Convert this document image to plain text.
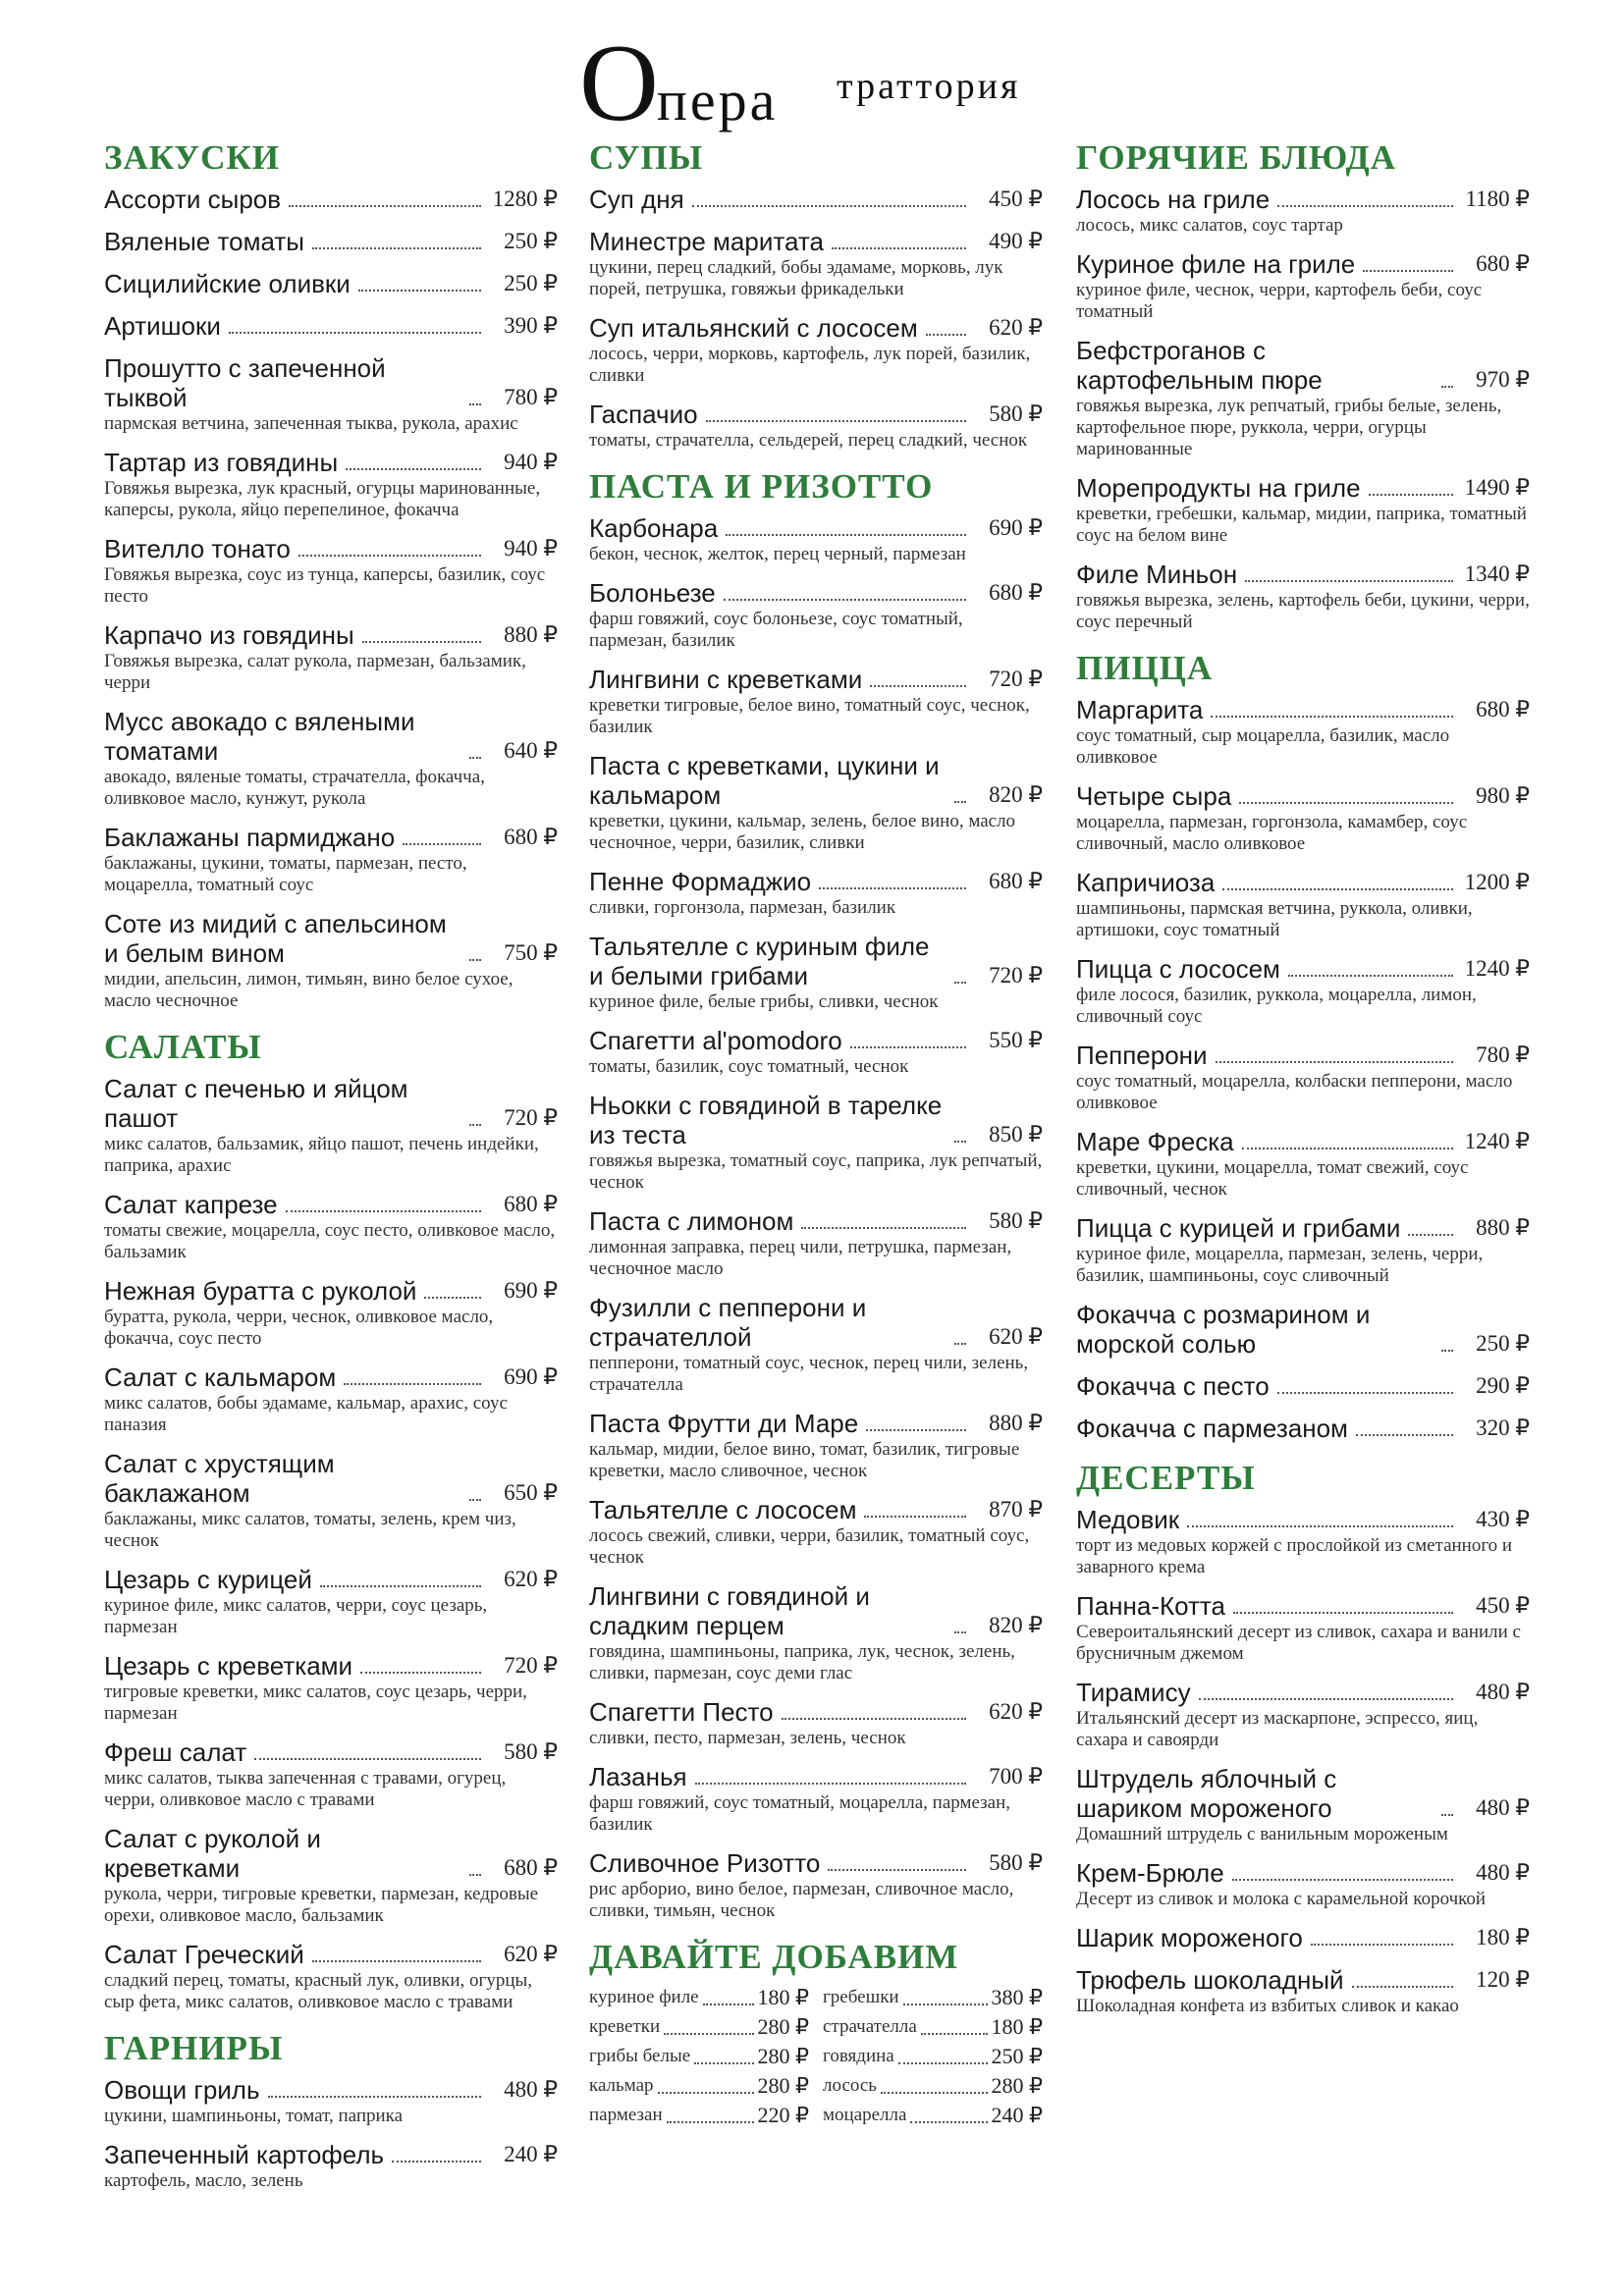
Опера траттория
ЗАКУСКИ
Ассорти сыров	1280 ₽
Вяленые томаты	250 ₽
Сицилийские оливки	250 ₽
Артишоки	390 ₽
Прошутто с запеченной тыквой	780 ₽
пармская ветчина, запеченная тыква, рукола, арахис
Тартар из говядины	940 ₽
Говяжья вырезка, лук красный, огурцы маринованные, каперсы, рукола, яйцо перепелиное, фокачча
Вителло тонато	940 ₽
Говяжья вырезка, соус из тунца, каперсы, базилик, соус песто
Карпачо из говядины	880 ₽
Говяжья вырезка, салат рукола, пармезан, бальзамик, черри
Мусс авокадо с вялеными томатами	640 ₽
авокадо, вяленые томаты, страчателла, фокачча, оливковое масло, кунжут, рукола
Баклажаны пармиджано	680 ₽
баклажаны, цукини, томаты, пармезан, песто, моцарелла, томатный соус
Соте из мидий с апельсином и белым вином	750 ₽
мидии, апельсин, лимон, тимьян, вино белое сухое, масло чесночное
САЛАТЫ
Салат с печенью и яйцом пашот	720 ₽
микс салатов, бальзамик, яйцо пашот, печень индейки, паприка, арахис
Салат капрезе	680 ₽
томаты свежие, моцарелла, соус песто, оливковое масло, бальзамик
Нежная буратта с руколой	690 ₽
буратта, рукола, черри, чеснок, оливковое масло, фокачча, соус песто
Салат с кальмаром	690 ₽
микс салатов, бобы эдамаме, кальмар, арахис, соус паназия
Салат с хрустящим баклажаном	650 ₽
баклажаны, микс салатов, томаты, зелень, крем чиз, чеснок
Цезарь с курицей	620 ₽
куриное филе, микс салатов, черри, соус цезарь, пармезан
Цезарь с креветками	720 ₽
тигровые креветки, микс салатов, соус цезарь, черри, пармезан
Фреш салат	580 ₽
микс салатов, тыква запеченная с травами, огурец, черри, оливковое масло с травами
Салат с руколой и креветками	680 ₽
рукола, черри, тигровые креветки, пармезан, кедровые орехи, оливковое масло, бальзамик
Салат Греческий	620 ₽
сладкий перец, томаты, красный лук, оливки, огурцы, сыр фета, микс салатов, оливковое масло с травами
ГАРНИРЫ
Овощи гриль	480 ₽
цукини, шампиньоны, томат, паприка
Запеченный картофель	240 ₽
картофель, масло, зелень
СУПЫ
Суп дня	450 ₽
Минестре маритата	490 ₽
цукини, перец сладкий, бобы эдамаме, морковь, лук порей, петрушка, говяжьи фрикадельки
Суп итальянский с лососем	620 ₽
лосось, черри, морковь, картофель, лук порей, базилик, сливки
Гаспачио	580 ₽
томаты, страчателла, сельдерей, перец сладкий, чеснок
ПАСТА И РИЗОТТО
Карбонара	690 ₽
бекон, чеснок, желток, перец черный, пармезан
Болоньезе	680 ₽
фарш говяжий, соус болоньезе, соус томатный, пармезан, базилик
Лингвини с креветками	720 ₽
креветки тигровые, белое вино, томатный соус, чеснок, базилик
Паста с креветками, цукини и кальмаром	820 ₽
креветки, цукини, кальмар, зелень, белое вино, масло чесночное, черри, базилик, сливки
Пенне Формаджио	680 ₽
сливки, горгонзола, пармезан, базилик
Тальятелле с куриным филе и белыми грибами	720 ₽
куриное филе, белые грибы, сливки, чеснок
Спагетти al'pomodoro	550 ₽
томаты, базилик, соус томатный, чеснок
Ньокки с говядиной в тарелке из теста	850 ₽
говяжья вырезка, томатный соус, паприка, лук репчатый, чеснок
Паста с лимоном	580 ₽
лимонная заправка, перец чили, петрушка, пармезан, чесночное масло
Фузилли с пепперони и страчателлой	620 ₽
пепперони, томатный соус, чеснок, перец чили, зелень, страчателла
Паста Фрутти ди Маре	880 ₽
кальмар, мидии, белое вино, томат, базилик, тигровые креветки, масло сливочное, чеснок
Тальятелле с лососем	870 ₽
лосось свежий, сливки, черри, базилик, томатный соус, чеснок
Лингвини с говядиной и сладким перцем	820 ₽
говядина, шампиньоны, паприка, лук, чеснок, зелень, сливки, пармезан, соус деми глас
Спагетти Песто	620 ₽
сливки, песто, пармезан, зелень, чеснок
Лазанья	700 ₽
фарш говяжий, соус томатный, моцарелла, пармезан, базилик
Сливочное Ризотто	580 ₽
рис арборио, вино белое, пармезан, сливочное масло, сливки, тимьян, чеснок
ДАВАЙТЕ ДОБАВИМ
куриное филе	180 ₽ гребешки	380 ₽
креветки	280 ₽ страчателла	180 ₽
грибы белые	280 ₽ говядина	250 ₽
кальмар	280 ₽ лосось	280 ₽
пармезан	220 ₽ моцарелла	240 ₽
ГОРЯЧИЕ БЛЮДА
Лосось на гриле	1180 ₽
лосось, микс салатов, соус тартар
Куриное филе на гриле	680 ₽
куриное филе, чеснок, черри, картофель беби, соус томатный
Бефстроганов с картофельным пюре	970 ₽
говяжья вырезка, лук репчатый, грибы белые, зелень, картофельное пюре, руккола, черри, огурцы маринованные
Морепродукты на гриле	1490 ₽
креветки, гребешки, кальмар, мидии, паприка, томатный соус на белом вине
Филе Миньон	1340 ₽
говяжья вырезка, зелень, картофель беби, цукини, черри, соус перечный
ПИЦЦА
Маргарита	680 ₽
соус томатный, сыр моцарелла, базилик, масло оливковое
Четыре сыра	980 ₽
моцарелла, пармезан, горгонзола, камамбер, соус сливочный, масло оливковое
Капричиоза	1200 ₽
шампиньоны, пармская ветчина, руккола, оливки, артишоки, соус томатный
Пицца с лососем	1240 ₽
филе лосося, базилик, руккола, моцарелла, лимон, сливочный соус
Пепперони	780 ₽
соус томатный, моцарелла, колбаски пепперони, масло оливковое
Маре Фреска	1240 ₽
креветки, цукини, моцарелла, томат свежий, соус сливочный, чеснок
Пицца с курицей и грибами	880 ₽
куриное филе, моцарелла, пармезан, зелень, черри, базилик, шампиньоны, соус сливочный
Фокачча с розмарином и морской солью	250 ₽
Фокачча с песто	290 ₽
Фокачча с пармезаном	320 ₽
ДЕСЕРТЫ
Медовик	430 ₽
торт из медовых коржей с прослойкой из сметанного и заварного крема
Панна-Котта	450 ₽
Североитальянский десерт из сливок, сахара и ванили с брусничным джемом
Тирамису	480 ₽
Итальянский десерт из маскарпоне, эспрессо, яиц, сахара и савоярди
Штрудель яблочный с шариком мороженого	480 ₽
Домашний штрудель с ванильным мороженым
Крем-Брюле	480 ₽
Десерт из сливок и молока с карамельной корочкой
Шарик мороженого	180 ₽
Трюфель шоколадный	120 ₽
Шоколадная конфета из взбитых сливок и какао
